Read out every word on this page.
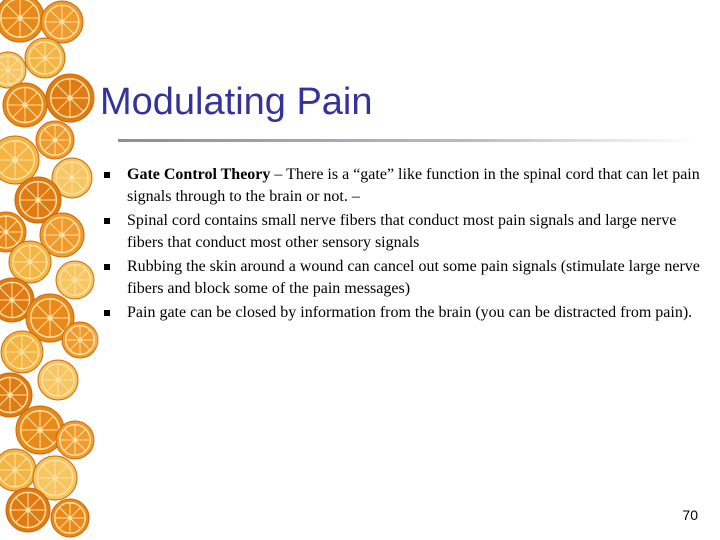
Modulating Pain
Gate Control Theory – There is a “gate” like function in the spinal cord that can let pain signals through to the brain or not. –
Spinal cord contains small nerve fibers that conduct most pain signals and large nerve fibers that conduct most other sensory signals
Rubbing the skin around a wound can cancel out some pain signals (stimulate large nerve fibers and block some of the pain messages)
Pain gate can be closed by information from the brain (you can be distracted from pain).
70
